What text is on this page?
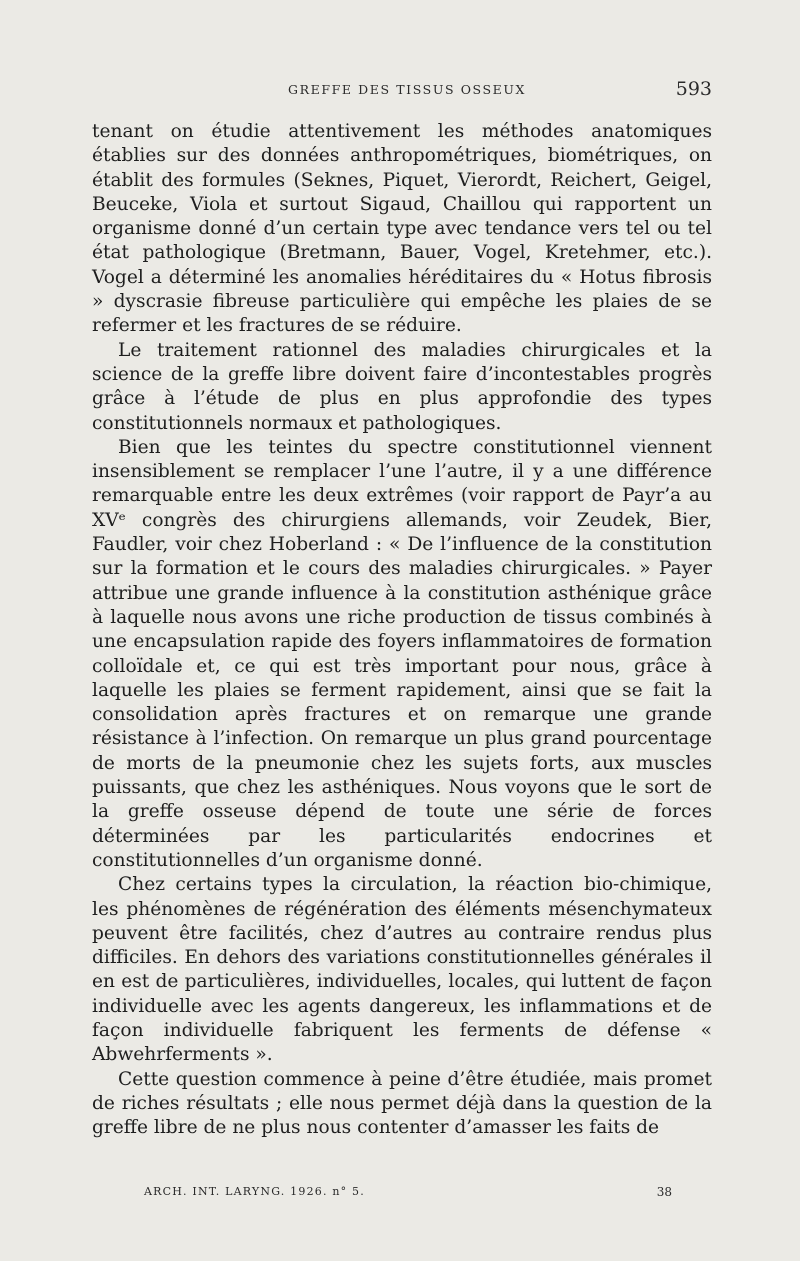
GREFFE DES TISSUS OSSEUX	593

tenant on étudie attentivement les méthodes anatomiques établies sur des données anthropométriques, biométriques, on établit des formules (Seknes, Piquet, Vierordt, Reichert, Geigel, Beuceke, Viola et surtout Sigaud, Chaillou qui rapportent un organisme donné d’un certain type avec tendance vers tel ou tel état pathologique (Bretmann, Bauer, Vogel, Kretehmer, etc.). Vogel a déterminé les anomalies héréditaires du « Hotus fibrosis » dyscrasie fibreuse particulière qui empêche les plaies de se refermer et les fractures de se réduire.

Le traitement rationnel des maladies chirurgicales et la science de la greffe libre doivent faire d’incontestables progrès grâce à l’étude de plus en plus approfondie des types constitutionnels normaux et pathologiques.

Bien que les teintes du spectre constitutionnel viennent insensiblement se remplacer l’une l’autre, il y a une différence remarquable entre les deux extrêmes (voir rapport de Payr’a au XVᵉ congrès des chirurgiens allemands, voir Zeudek, Bier, Faudler, voir chez Hoberland : « De l’influence de la constitution sur la formation et le cours des maladies chirurgicales. » Payer attribue une grande influence à la constitution asthénique grâce à laquelle nous avons une riche production de tissus combinés à une encapsulation rapide des foyers inflammatoires de formation colloïdale et, ce qui est très important pour nous, grâce à laquelle les plaies se ferment rapidement, ainsi que se fait la consolidation après fractures et on remarque une grande résistance à l’infection. On remarque un plus grand pourcentage de morts de la pneumonie chez les sujets forts, aux muscles puissants, que chez les asthéniques. Nous voyons que le sort de la greffe osseuse dépend de toute une série de forces déterminées par les particularités endocrines et constitutionnelles d’un organisme donné.

Chez certains types la circulation, la réaction bio-chimique, les phénomènes de régénération des éléments mésenchymateux peuvent être facilités, chez d’autres au contraire rendus plus difficiles. En dehors des variations constitutionnelles générales il en est de particulières, individuelles, locales, qui luttent de façon individuelle avec les agents dangereux, les inflammations et de façon individuelle fabriquent les ferments de défense « Abwehrferments ».

Cette question commence à peine d’être étudiée, mais promet de riches résultats ; elle nous permet déjà dans la question de la greffe libre de ne plus nous contenter d’amasser les faits de

ARCH. INT. LARYNG. 1926. n° 5.	38
